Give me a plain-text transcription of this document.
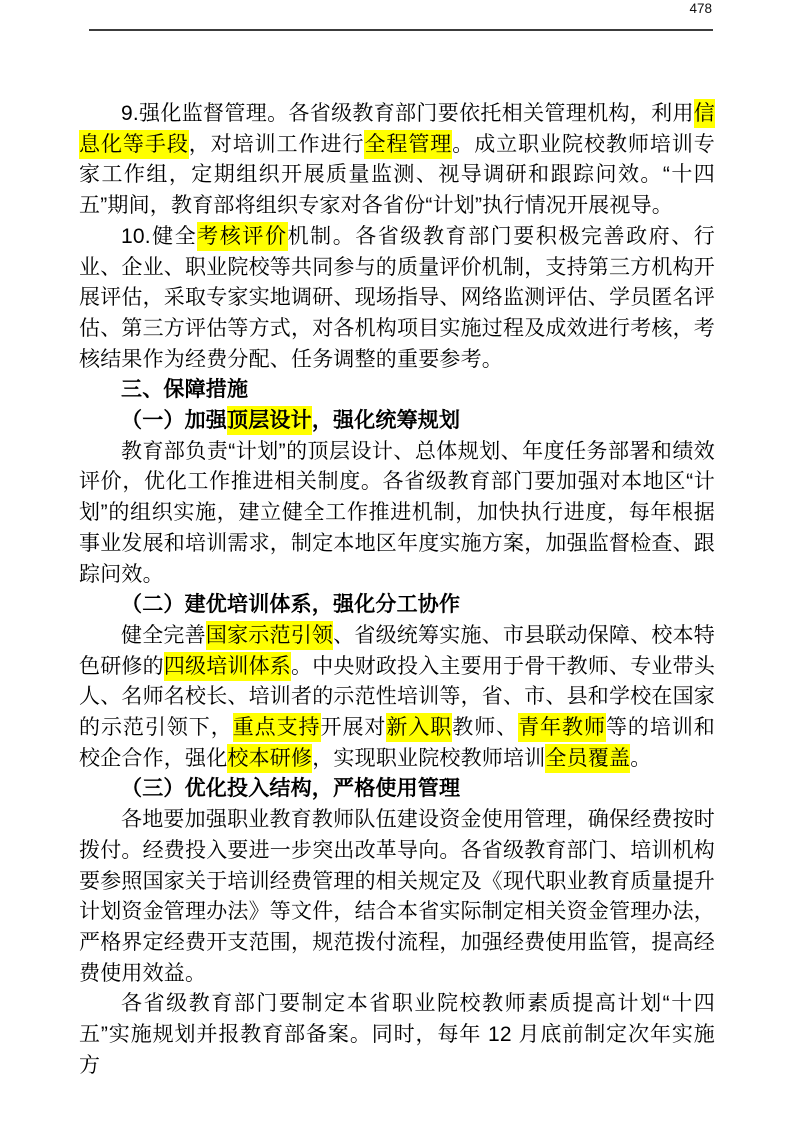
478

9.强化监督管理。各省级教育部门要依托相关管理机构，利用信息化等手段，对培训工作进行全程管理。成立职业院校教师培训专家工作组，定期组织开展质量监测、视导调研和跟踪问效。“十四五”期间，教育部将组织专家对各省份“计划”执行情况开展视导。

10.健全考核评价机制。各省级教育部门要积极完善政府、行业、企业、职业院校等共同参与的质量评价机制，支持第三方机构开展评估，采取专家实地调研、现场指导、网络监测评估、学员匿名评估、第三方评估等方式，对各机构项目实施过程及成效进行考核，考核结果作为经费分配、任务调整的重要参考。

三、保障措施

（一）加强顶层设计，强化统筹规划

教育部负责“计划”的顶层设计、总体规划、年度任务部署和绩效评价，优化工作推进相关制度。各省级教育部门要加强对本地区“计划”的组织实施，建立健全工作推进机制，加快执行进度，每年根据事业发展和培训需求，制定本地区年度实施方案，加强监督检查、跟踪问效。

（二）建优培训体系，强化分工协作

健全完善国家示范引领、省级统筹实施、市县联动保障、校本特色研修的四级培训体系。中央财政投入主要用于骨干教师、专业带头人、名师名校长、培训者的示范性培训等，省、市、县和学校在国家的示范引领下，重点支持开展对新入职教师、青年教师等的培训和校企合作，强化校本研修，实现职业院校教师培训全员覆盖。

（三）优化投入结构，严格使用管理

各地要加强职业教育教师队伍建设资金使用管理，确保经费按时拨付。经费投入要进一步突出改革导向。各省级教育部门、培训机构要参照国家关于培训经费管理的相关规定及《现代职业教育质量提升计划资金管理办法》等文件，结合本省实际制定相关资金管理办法，严格界定经费开支范围，规范拨付流程，加强经费使用监管，提高经费使用效益。

各省级教育部门要制定本省职业院校教师素质提高计划“十四五”实施规划并报教育部备案。同时，每年 12 月底前制定次年实施方
